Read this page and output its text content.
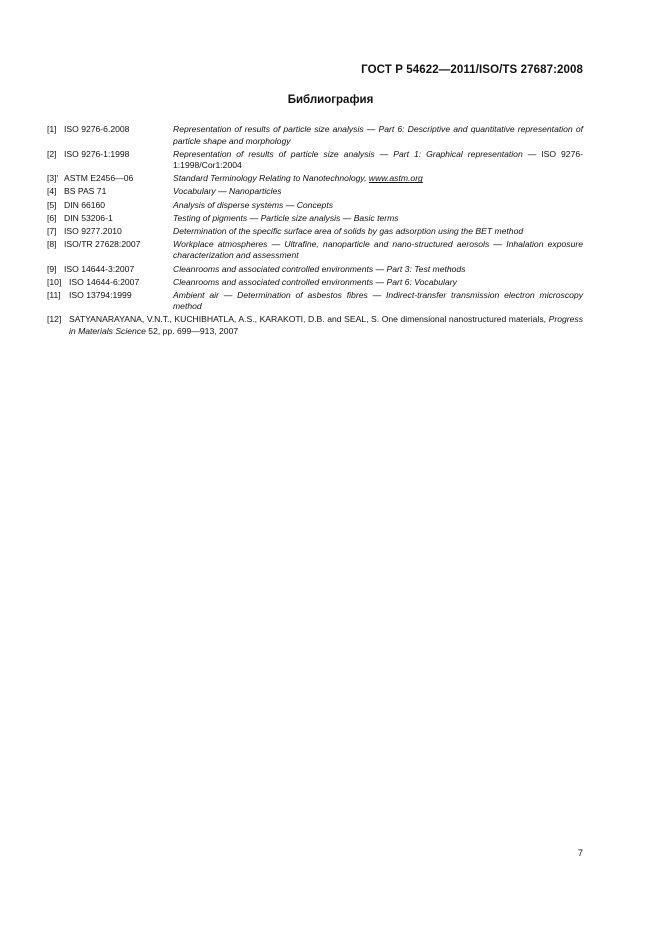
ГОСТ Р 54622—2011/ISO/TS 27687:2008
Библиография
[1] ISO 9276-6.2008	Representation of results of particle size analysis — Part 6: Descriptive and quantitative representation of particle shape and morphology
[2] ISO 9276-1:1998	Representation of results of particle size analysis — Part 1: Graphical representation — ISO 9276-1:1998/Cor1:2004
[3]' ASTM E2456—06	Standard Terminology Relating to Nanotechnology, www.astm.org
[4] BS PAS 71	Vocabulary — Nanoparticles
[5] DIN 66160	Analysis of disperse systems — Concepts
[6] DIN 53206-1	Testing of pigments — Particle size analysis — Basic terms
[7] ISO 9277.2010	Determination of the specific surface area of solids by gas adsorption using the BET method
[8] ISO/TR 27628:2007	Workplace atmospheres — Ultrafine, nanoparticle and nano-structured aerosols — Inhalation exposure characterization and assessment
[9] ISO 14644-3:2007	Cleanrooms and associated controlled environments — Part 3: Test methods
[10] ISO 14644-6:2007	Cleanrooms and associated controlled environments — Part 6: Vocabulary
[11] ISO 13794:1999	Ambient air — Determination of asbestos fibres — Indirect-transfer transmission electron microscopy method
[12] SATYANARAYANA, V.N.T., KUCHIBHATLA, A.S., KARAKOTI, D.B. and SEAL, S. One dimensional nanostructured materials, Progress in Materials Science 52, pp. 699—913, 2007
7
